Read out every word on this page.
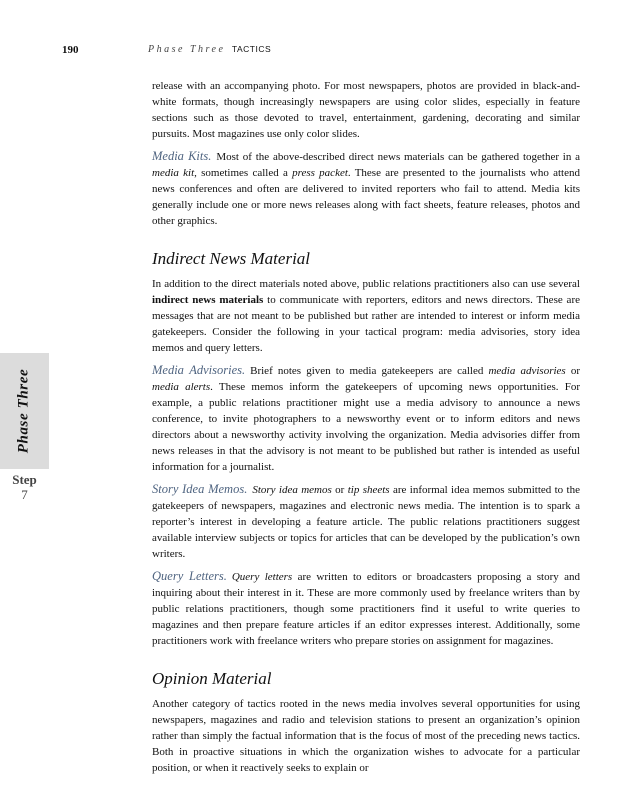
190	Phase Three TACTICS
Phase Three
Step
7

release with an accompanying photo. For most newspapers, photos are provided in black-and-white formats, though increasingly newspapers are using color slides, especially in feature sections such as those devoted to travel, entertainment, gardening, decorating and similar pursuits. Most magazines use only color slides.

Media Kits. Most of the above-described direct news materials can be gathered together in a media kit, sometimes called a press packet. These are presented to the journalists who attend news conferences and often are delivered to invited reporters who fail to attend. Media kits generally include one or more news releases along with fact sheets, feature releases, photos and other graphics.

Indirect News Material

In addition to the direct materials noted above, public relations practitioners also can use several indirect news materials to communicate with reporters, editors and news directors. These are messages that are not meant to be published but rather are intended to interest or inform media gatekeepers. Consider the following in your tactical program: media advisories, story idea memos and query letters.

Media Advisories. Brief notes given to media gatekeepers are called media advisories or media alerts. These memos inform the gatekeepers of upcoming news opportunities. For example, a public relations practitioner might use a media advisory to announce a news conference, to invite photographers to a newsworthy event or to inform editors and news directors about a newsworthy activity involving the organization. Media advisories differ from news releases in that the advisory is not meant to be published but rather is intended as useful information for a journalist.

Story Idea Memos. Story idea memos or tip sheets are informal idea memos submitted to the gatekeepers of newspapers, magazines and electronic news media. The intention is to spark a reporter’s interest in developing a feature article. The public relations practitioners suggest available interview subjects or topics for articles that can be developed by the publication’s own writers.

Query Letters. Query letters are written to editors or broadcasters proposing a story and inquiring about their interest in it. These are more commonly used by freelance writers than by public relations practitioners, though some practitioners find it useful to write queries to magazines and then prepare feature articles if an editor expresses interest. Additionally, some practitioners work with freelance writers who prepare stories on assignment for magazines.

Opinion Material

Another category of tactics rooted in the news media involves several opportunities for using newspapers, magazines and radio and television stations to present an organization’s opinion rather than simply the factual information that is the focus of most of the preceding news tactics. Both in proactive situations in which the organization wishes to advocate for a particular position, or when it reactively seeks to explain or
